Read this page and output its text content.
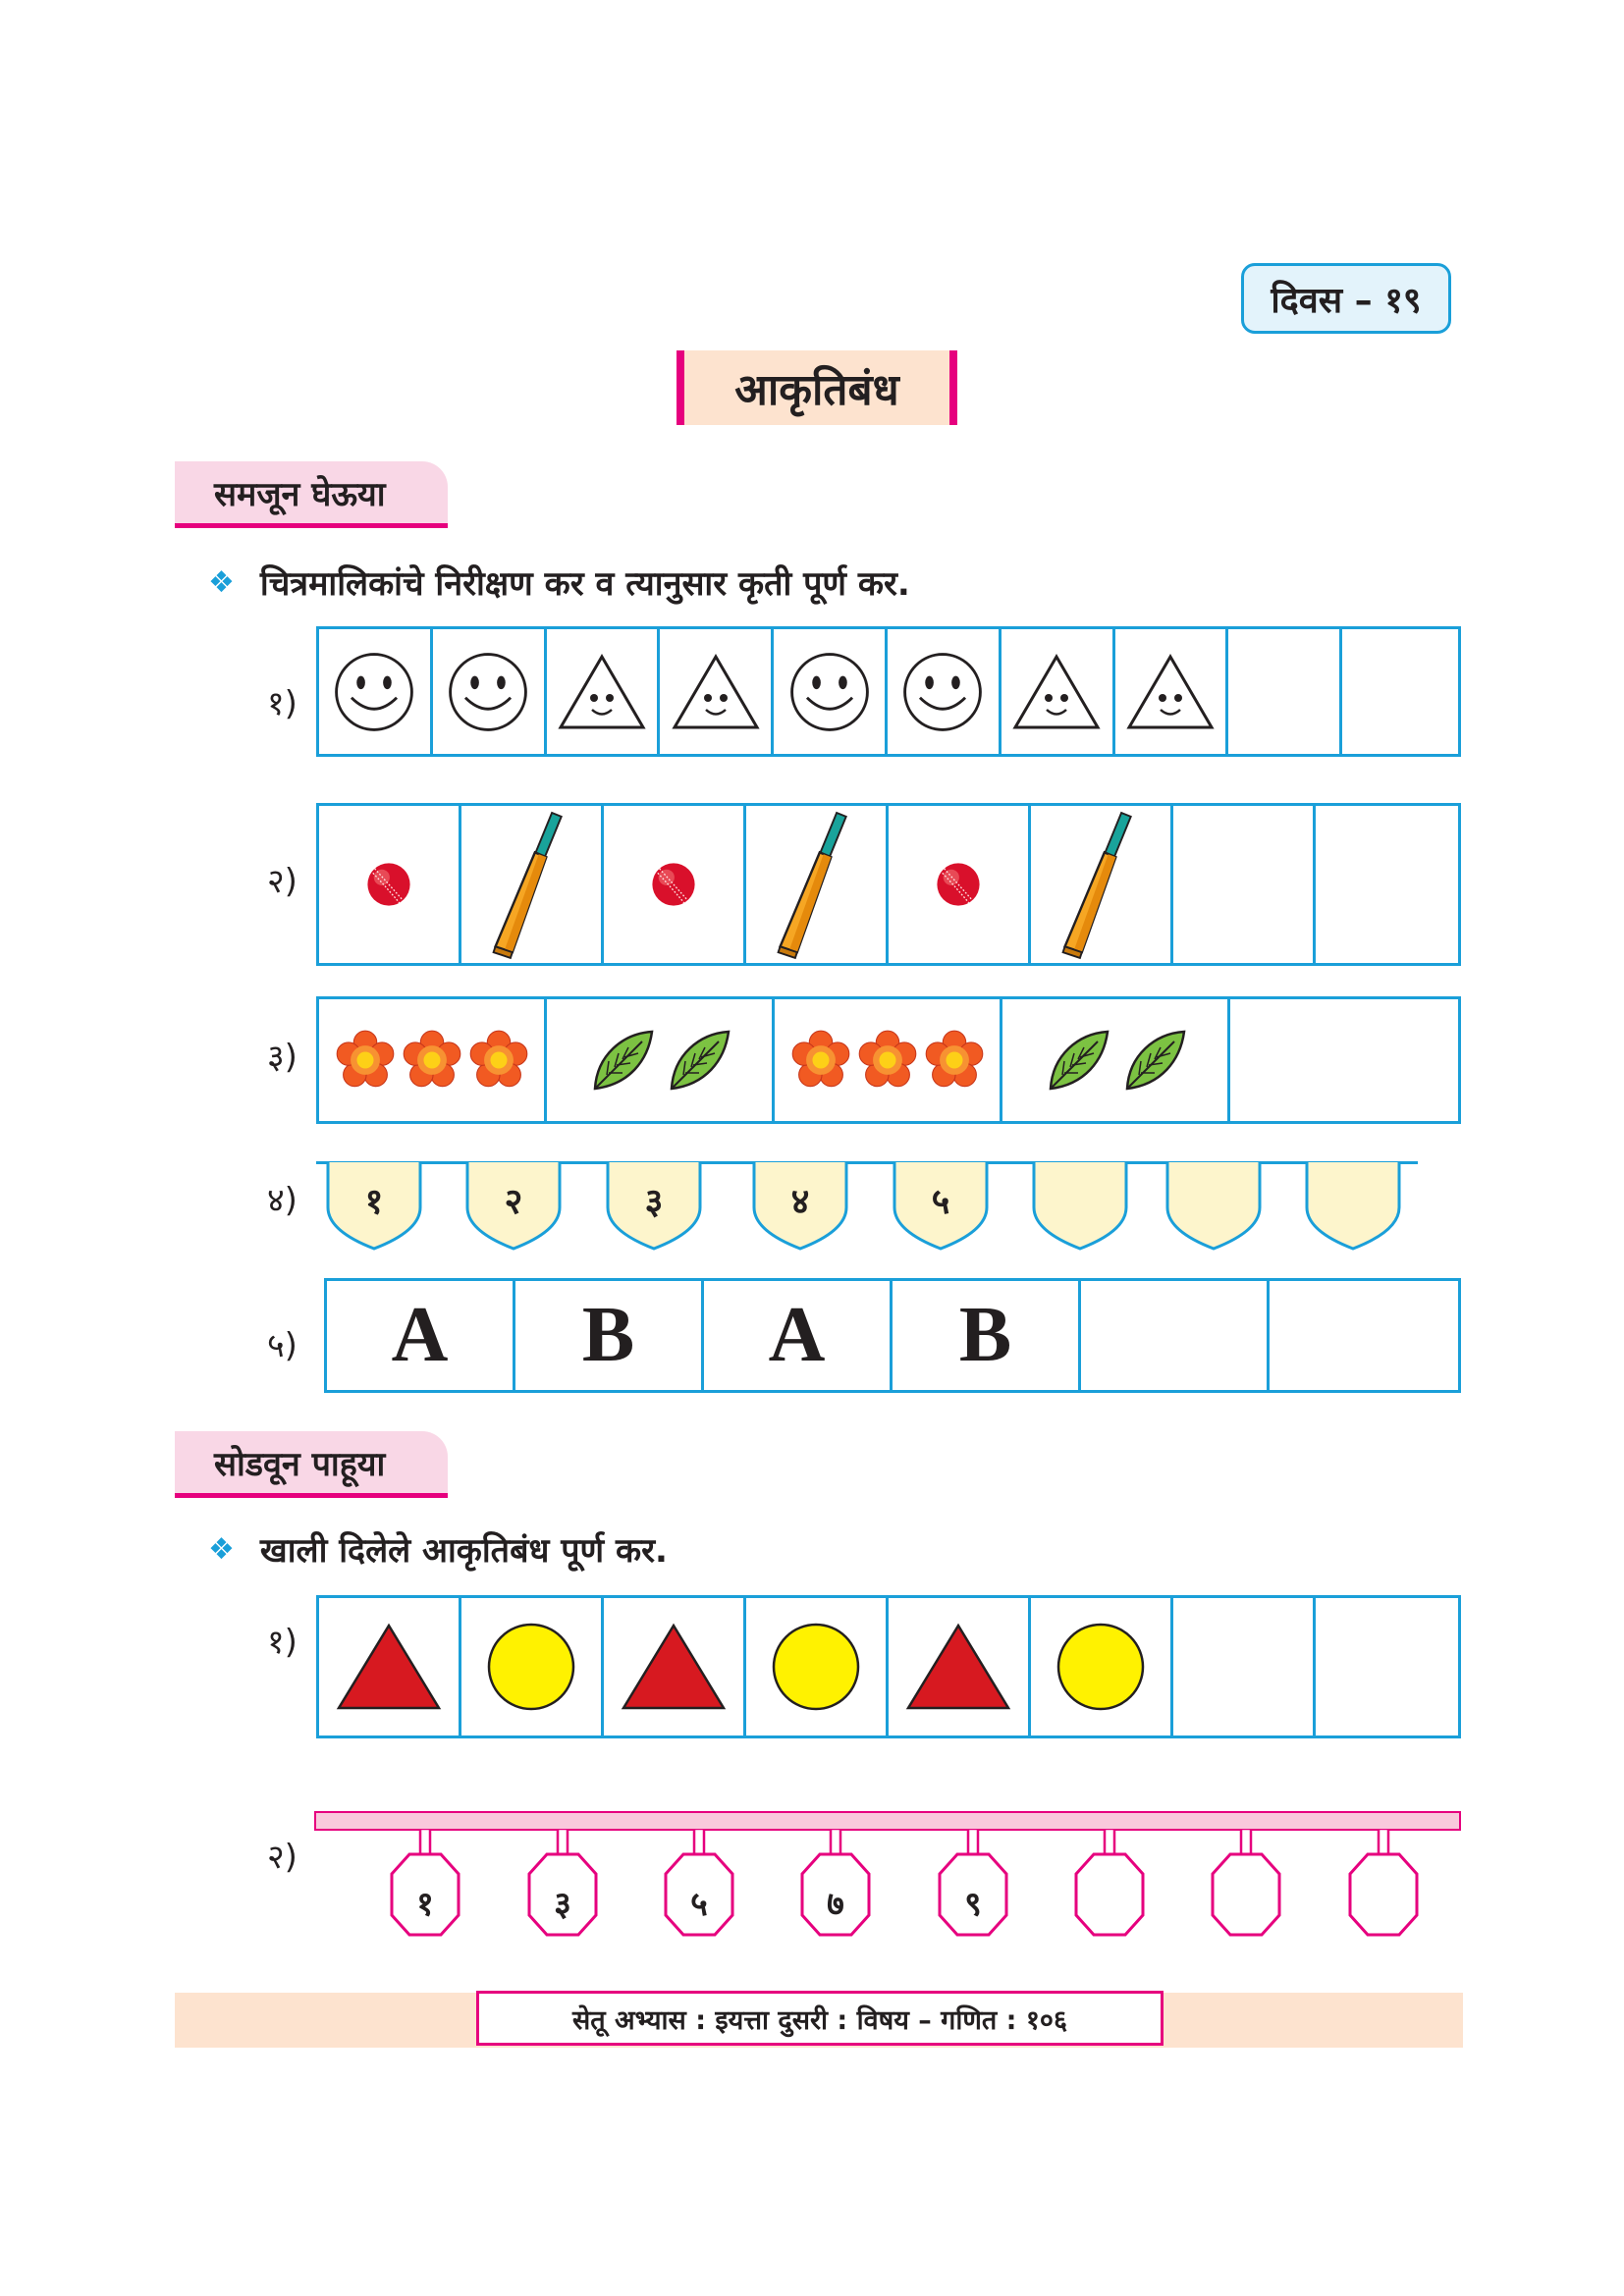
दिवस – १९
आकृतिबंध
समजून घेऊया
❖ चित्रमालिकांचे निरीक्षण कर व त्यानुसार कृती पूर्ण कर.
१)
२)
३)
४)	१	२	३	४	५
५) A B A B
सोडवून पाहूया
❖ खाली दिलेले आकृतिबंध पूर्ण कर.
१)
२)
१	३	५	७	९
सेतू अभ्यास : इयत्ता दुसरी : विषय – गणित : १०६
